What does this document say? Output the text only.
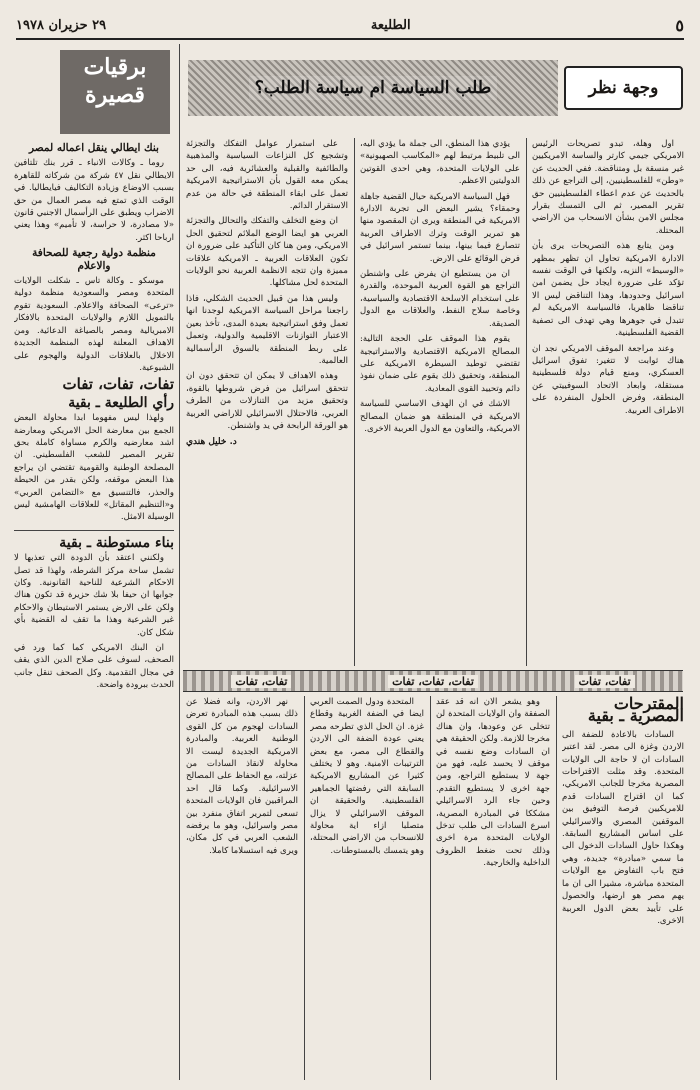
٥
الطليعة
٢٩ حزيران ١٩٧٨
برقيات
قصيرة
بنك ايطالي ينقل اعماله لمصر

روما ـ وكالات الانباء ـ قرر بنك تلتافين الايطالي نقل ٤٧ شركة من شركاته للقاهرة بسبب الاوضاع وزيادة التكاليف فيايطاليا. في الوقت الذي تمتع فيه مصر العمال من حق الاضراب ويطبق على الرأسمال الاجنبي قانون «لا مصادرة، لا حراسة، لا تأميم» وهذا يعني ارباحا اكثر.

منظمة دولية رجعية للصحافة والاعلام

موسكو ـ وكالة تاس ـ شكلت الولايات المتحدة ومصر والسعودية منظمة دولية «ترعى» الصحافة والاعلام. السعودية تقوم بالتمويل اللازم والولايات المتحدة بالافكار الامبريالية ومصر بالصياغة الدعائية. ومن الاهداف المعلنة لهذه المنظمة الجديدة الاخلال بالعلاقات الدولية والهجوم على الشيوعية.

تفات، تفات، تفات
رأي الطليعة ـ بقية

ولهذا ليس مفهوما ابدا محاولة البعض الجمع بين معارضة الحل الامريكي ومعارضة اشد معارضيه والكرم مساواة كاملة بحق تقرير المصير للشعب الفلسطيني. ان المصلحة الوطنية والقومية تقتضي ان يراجع هذا البعض موقفه، ولكن بقدر من الحيطة والحذر، فالتنسيق مع «التضامن العربي» و«التنظيم المقاتل» للعلاقات الهامشية ليس الوسيلة الامثل.

بناء مستوطنة ـ بقية

ولكنني اعتقد بأن الدودة التي تعذبها لا تشمل ساحة مركز الشرطة، ولهذا قد تصل الاحكام الشرعية للناحية القانونية. وكان جوابها ان حيفا بلا شك حزيرة قد تكون هناك ولكن على الارض يستمر الاستيطان والاحكام غير الشرعية وهذا ما تقف له القضية بأي شكل كان.

ان البنك الامريكي كما كما ورد في الصحف، لسوف على صلاح الدين الذي يقف في مجال التقدمية. وكل الصحف تنقل جانب الحدث ببرودة واضحة.

وجهة نظر
طلب السياسة ام سياسة الطلب؟

اول وهلة، تبدو تصريحات الرئيس الامريكي جيمي كارتر والساسة الامريكيين غير منسقة بل ومتناقضة. ففي الحديث عن «وطن» للفلسطينيين، إلى التراجع عن ذلك بالحديث عن عدم اعطاء الفلسطينيين حق تقرير المصير، ثم الى التمسك بقرار مجلس الامن بشأن الانسحاب من الاراضي المحتلة.

ومن يتابع هذه التصريحات يرى بأن الادارة الامريكية تحاول ان تظهر بمظهر «الوسيط» النزيه، ولكنها في الوقت نفسه تؤكد على ضرورة ايجاد حل يضمن امن اسرائيل وحدودها، وهذا التناقض ليس الا تناقضا ظاهريا، فالسياسة الامريكية لم تتبدل في جوهرها وهي تهدف الى تصفية القضية الفلسطينية.

وعند مراجعة الموقف الامريكي نجد ان هناك ثوابت لا تتغير: تفوق اسرائيل العسكري، ومنع قيام دولة فلسطينية مستقلة، وابعاد الاتحاد السوفييتي عن المنطقة، وفرض الحلول المنفردة على الاطراف العربية.

يؤدي هذا المنطق، الى جملة ما يؤدي اليه، الى تلبيط مرتبط لهم «المكاسب الصهيونية» على الولايات المتحدة، وهي احدى القوتين الدوليتين الاعظم.

فهل السياسة الامريكية حيال القضية جاهلة وحمقاء؟ يشير البعض الى تجربة الادارة الامريكية في المنطقة ويرى ان المقصود منها هو تمرير الوقت وترك الاطراف العربية تتصارع فيما بينها، بينما تستمر اسرائيل في فرض الوقائع على الارض.

ان من يستطيع ان يفرض على واشنطن التراجع هو القوة العربية الموحدة، والقدرة على استخدام الاسلحة الاقتصادية والسياسية، وخاصة سلاح النفط، والعلاقات مع الدول الصديقة.

يقوم هذا الموقف على الحجة التالية: المصالح الامريكية الاقتصادية والاستراتيجية تقتضي توطيد السيطرة الامريكية على المنطقة، وتحقيق ذلك يقوم على ضمان نفوذ دائم وتحييد القوى المعادية.

الاشك في ان الهدف الاساسي للسياسة الامريكية في المنطقة هو ضمان المصالح الامريكية، والتعاون مع الدول العربية الاخرى.

على استمرار عوامل التفكك والتجزئة وتشجيع كل النزاعات السياسية والمذهبية والطائفية والقبلية والعشائرية فيه، الى حد يمكن معه القول بأن الاستراتيجية الامريكية تعمل على ابقاء المنطقة في حالة من عدم الاستقرار الدائم.

ان وضع التخلف والتفكك والتحالل والتجزئة العربي هو ايضا الوضع الملائم لتحقيق الحل الامريكي، ومن هنا كان التأكيد على ضرورة ان تكون العلاقات العربية ـ الامريكية علاقات مميزة وان تتجه الانظمة العربية نحو الولايات المتحدة لحل مشاكلها.

وليس هذا من قبيل الحديث الشكلي، فاذا راجعنا مراحل السياسة الامريكية لوجدنا انها تعمل وفق استراتيجية بعيدة المدى، تأخذ بعين الاعتبار التوازنات الاقليمية والدولية، وتعمل على ربط المنطقة بالسوق الرأسمالية العالمية.

وهذه الاهداف لا يمكن ان تتحقق دون ان تتحقق اسرائيل من فرض شروطها بالقوة، وتحقيق مزيد من التنازلات من الطرف العربي، فالاحتلال الاسرائيلي للاراضي العربية هو الورقة الرابحة في يد واشنطن.

د. خليل هندي
تفات، تفات
تفات، تفات، تفات
تفات، تفات
المقترحات المصرية ـ بقية

السادات بالاعادة للضفة الى الاردن وغزة الى مصر. لقد اعتبر السادات ان لا حاجة الى الولايات المتحدة. وقد مثلت الاقتراحات المصرية مخرجا للجانب الامريكي، كما ان اقتراح السادات قدم للامريكيين فرصة التوفيق بين الموقفين المصري والاسرائيلي على اساس المشاريع السابقة. وهكذا حاول السادات الدخول الى ما سمي «مبادرة» جديدة، وهي فتح باب التفاوض مع الولايات المتحدة مباشرة، مشيرا الى ان ما يهم مصر هو ارضها، والحصول على تأييد بعض الدول العربية الاخرى.

وهو يشعر الان انه قد عقد الصفقة وان الولايات المتحدة لن تتخلى عن وعودها، وان هناك مخرجا للازمة. ولكن الحقيقة هي ان السادات وضع نفسه في موقف لا يحسد عليه، فهو من جهة لا يستطيع التراجع، ومن جهة اخرى لا يستطيع التقدم. وحين جاء الرد الاسرائيلي مشككا في المبادرة المصرية، اسرع السادات الى طلب تدخل الولايات المتحدة مرة اخرى وذلك تحت ضغط الظروف الداخلية والخارجية.

المتحدة ودول الصمت العربي ايضا في الضفة الغربية وقطاع غزة. ان الحل الذي تطرحه مصر يعني عودة الضفة الى الاردن والقطاع الى مصر، مع بعض الترتيبات الامنية. وهو لا يختلف كثيرا عن المشاريع الامريكية السابقة التي رفضتها الجماهير الفلسطينية. والحقيقة ان الموقف الاسرائيلي لا يزال متصلبا ازاء اية محاولة للانسحاب من الاراضي المحتلة، وهو يتمسك بالمستوطنات.

نهر الاردن، وانه فضلا عن ذلك بسبب هذه المبادرة تعرض السادات لهجوم من كل القوى الوطنية العربية. والمبادرة الامريكية الجديدة ليست الا محاولة لانقاذ السادات من عزلته، مع الحفاظ على المصالح الاسرائيلية. وكما قال احد المراقبين فان الولايات المتحدة تسعى لتمرير اتفاق منفرد بين مصر واسرائيل، وهو ما يرفضه الشعب العربي في كل مكان، ويرى فيه استسلاما كاملا.
